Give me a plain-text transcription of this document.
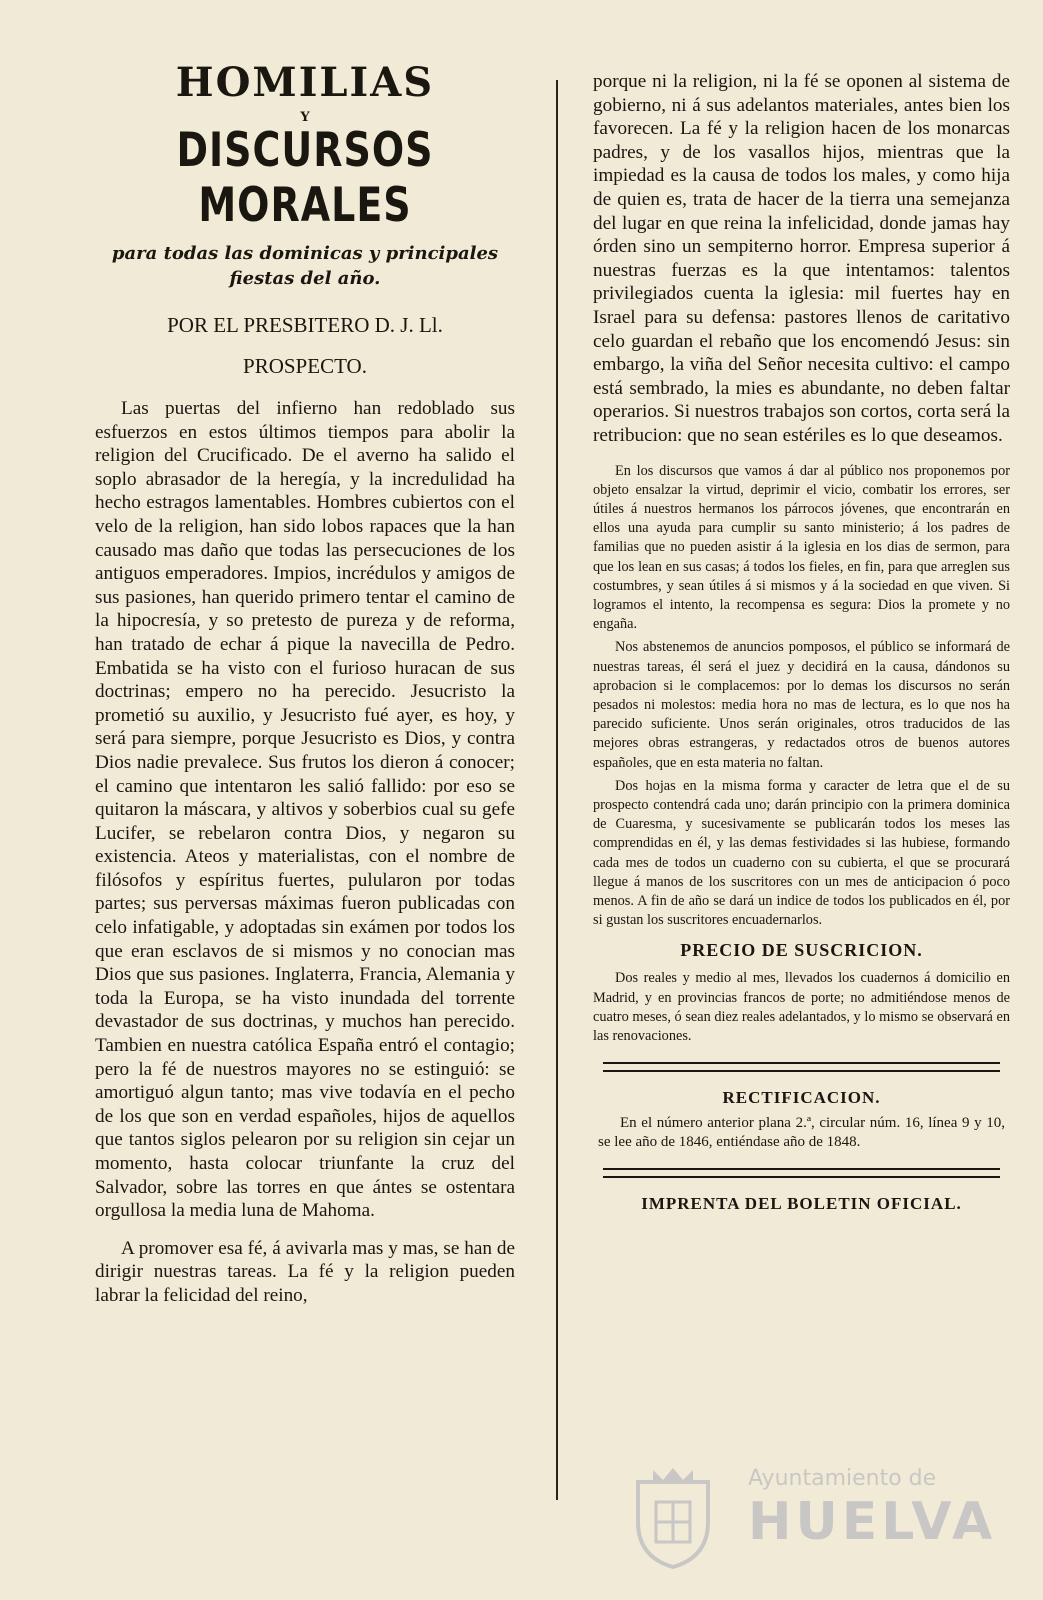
HOMILIAS
Y
DISCURSOS MORALES
para todas las dominicas y principales fiestas del año.
POR EL PRESBITERO D. J. Ll.
PROSPECTO.

Las puertas del infierno han redoblado sus esfuerzos en estos últimos tiempos para abolir la religion del Crucificado. De el averno ha salido el soplo abrasador de la heregía, y la incredulidad ha hecho estragos lamentables. Hombres cubiertos con el velo de la religion, han sido lobos rapaces que la han causado mas daño que todas las persecuciones de los antiguos emperadores. Impios, incrédulos y amigos de sus pasiones, han querido primero tentar el camino de la hipocresía, y so pretesto de pureza y de reforma, han tratado de echar á pique la navecilla de Pedro. Embatida se ha visto con el furioso huracan de sus doctrinas; empero no ha perecido. Jesucristo la prometió su auxilio, y Jesucristo fué ayer, es hoy, y será para siempre, porque Jesucristo es Dios, y contra Dios nadie prevalece. Sus frutos los dieron á conocer; el camino que intentaron les salió fallido: por eso se quitaron la máscara, y altivos y soberbios cual su gefe Lucifer, se rebelaron contra Dios, y negaron su existencia. Ateos y materialistas, con el nombre de filósofos y espíritus fuertes, pulularon por todas partes; sus perversas máximas fueron publicadas con celo infatigable, y adoptadas sin exámen por todos los que eran esclavos de si mismos y no conocian mas Dios que sus pasiones. Inglaterra, Francia, Alemania y toda la Europa, se ha visto inundada del torrente devastador de sus doctrinas, y muchos han perecido. Tambien en nuestra católica España entró el contagio; pero la fé de nuestros mayores no se estinguió: se amortiguó algun tanto; mas vive todavía en el pecho de los que son en verdad españoles, hijos de aquellos que tantos siglos pelearon por su religion sin cejar un momento, hasta colocar triunfante la cruz del Salvador, sobre las torres en que ántes se ostentara orgullosa la media luna de Mahoma.

A promover esa fé, á avivarla mas y mas, se han de dirigir nuestras tareas. La fé y la religion pueden labrar la felicidad del reino,

porque ni la religion, ni la fé se oponen al sistema de gobierno, ni á sus adelantos materiales, antes bien los favorecen. La fé y la religion hacen de los monarcas padres, y de los vasallos hijos, mientras que la impiedad es la causa de todos los males, y como hija de quien es, trata de hacer de la tierra una semejanza del lugar en que reina la infelicidad, donde jamas hay órden sino un sempiterno horror. Empresa superior á nuestras fuerzas es la que intentamos: talentos privilegiados cuenta la iglesia: mil fuertes hay en Israel para su defensa: pastores llenos de caritativo celo guardan el rebaño que los encomendó Jesus: sin embargo, la viña del Señor necesita cultivo: el campo está sembrado, la mies es abundante, no deben faltar operarios. Si nuestros trabajos son cortos, corta será la retribucion: que no sean estériles es lo que deseamos.

En los discursos que vamos á dar al público nos proponemos por objeto ensalzar la virtud, deprimir el vicio, combatir los errores, ser útiles á nuestros hermanos los párrocos jóvenes, que encontrarán en ellos una ayuda para cumplir su santo ministerio; á los padres de familias que no pueden asistir á la iglesia en los dias de sermon, para que los lean en sus casas; á todos los fieles, en fin, para que arreglen sus costumbres, y sean útiles á si mismos y á la sociedad en que viven. Si logramos el intento, la recompensa es segura: Dios la promete y no engaña.

Nos abstenemos de anuncios pomposos, el público se informará de nuestras tareas, él será el juez y decidirá en la causa, dándonos su aprobacion si le complacemos: por lo demas los discursos no serán pesados ni molestos: media hora no mas de lectura, es lo que nos ha parecido suficiente. Unos serán originales, otros traducidos de las mejores obras estrangeras, y redactados otros de buenos autores españoles, que en esta materia no faltan.

Dos hojas en la misma forma y caracter de letra que el de su prospecto contendrá cada uno; darán principio con la primera dominica de Cuaresma, y sucesivamente se publicarán todos los meses las comprendidas en él, y las demas festividades si las hubiese, formando cada mes de todos un cuaderno con su cubierta, el que se procurará llegue á manos de los suscritores con un mes de anticipacion ó poco menos. A fin de año se dará un indice de todos los publicados en él, por si gustan los suscritores encuadernarlos.

PRECIO DE SUSCRICION.

Dos reales y medio al mes, llevados los cuadernos á domicilio en Madrid, y en provincias francos de porte; no admitiéndose menos de cuatro meses, ó sean diez reales adelantados, y lo mismo se observará en las renovaciones.

RECTIFICACION.

En el número anterior plana 2.ª, circular núm. 16, línea 9 y 10, se lee año de 1846, entiéndase año de 1848.

IMPRENTA DEL BOLETIN OFICIAL.
Ayuntamiento de
HUELVA
